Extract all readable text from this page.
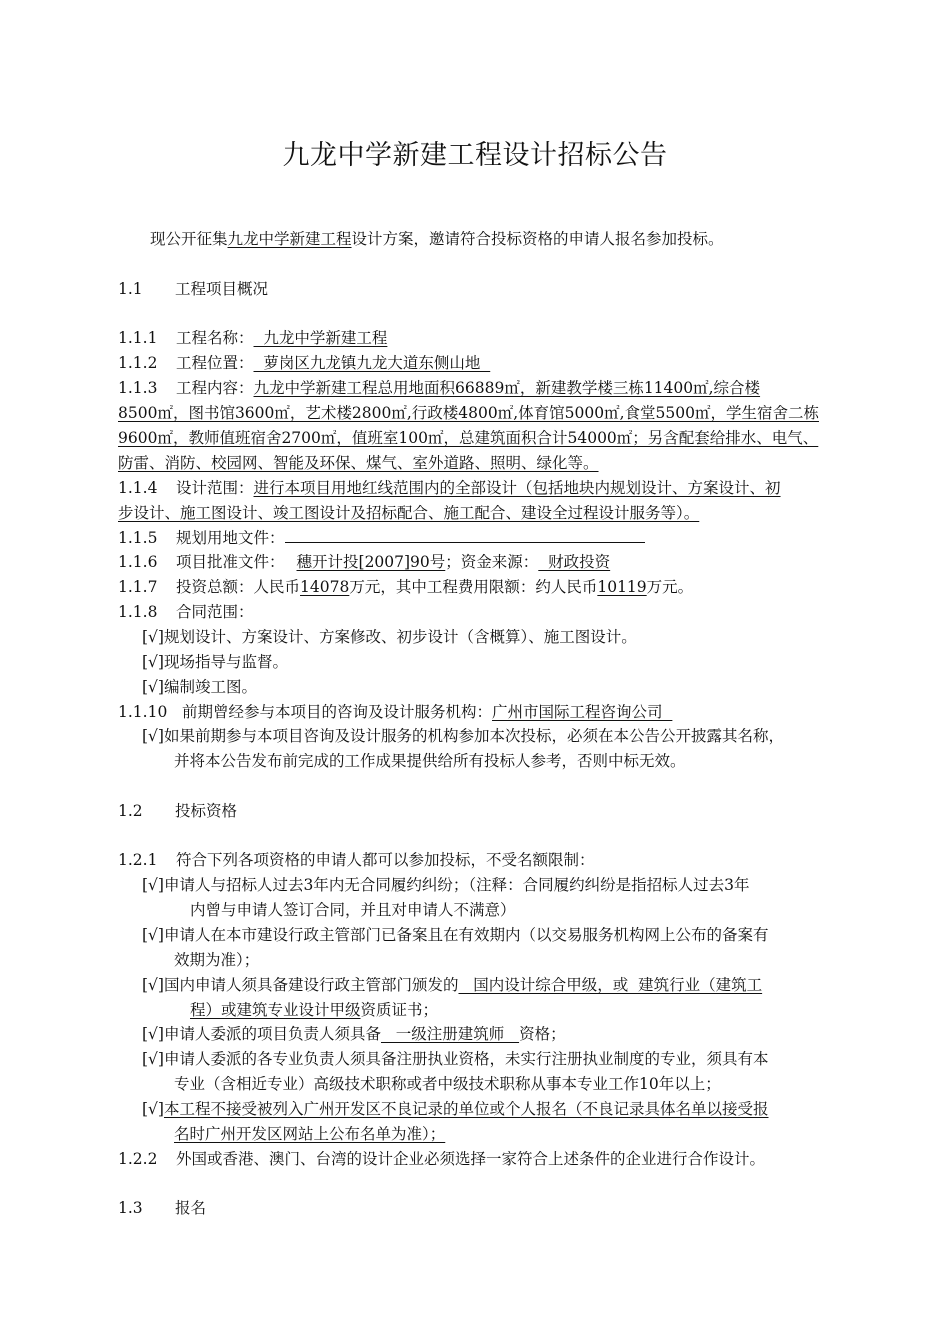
九龙中学新建工程设计招标公告
现公开征集九龙中学新建工程设计方案，邀请符合投标资格的申请人报名参加投标。
1.1 工程项目概况
1.1.1 工程名称：  九龙中学新建工程
1.1.2 工程位置：  萝岗区九龙镇九龙大道东侧山地
1.1.3 工程内容：九龙中学新建工程总用地面积66889㎡，新建教学楼三栋11400㎡,综合楼
8500㎡，图书馆3600㎡，艺术楼2800㎡,行政楼4800㎡,体育馆5000㎡,食堂5500㎡，学生宿舍二栋
9600㎡，教师值班宿舍2700㎡，值班室100㎡，总建筑面积合计54000㎡；另含配套给排水、电气、
防雷、消防、校园网、智能及环保、煤气、室外道路、照明、绿化等。
1.1.4 设计范围：进行本项目用地红线范围内的全部设计（包括地块内规划设计、方案设计、初
步设计、施工图设计、竣工图设计及招标配合、施工配合、建设全过程设计服务等）。
1.1.5 规划用地文件：
1.1.6 项目批准文件： 穗开计投[2007]90号；资金来源：  财政投资
1.1.7 投资总额：人民币14078万元，其中工程费用限额：约人民币10119万元。
1.1.8 合同范围：
[√]规划设计、方案设计、方案修改、初步设计（含概算）、施工图设计。
[√]现场指导与监督。
[√]编制竣工图。
1.1.10 前期曾经参与本项目的咨询及设计服务机构：广州市国际工程咨询公司
[√]如果前期参与本项目咨询及设计服务的机构参加本次投标，必须在本公告公开披露其名称，
并将本公告发布前完成的工作成果提供给所有投标人参考，否则中标无效。
1.2 投标资格
1.2.1 符合下列各项资格的申请人都可以参加投标，不受名额限制：
[√]申请人与招标人过去3年内无合同履约纠纷；（注释：合同履约纠纷是指招标人过去3年
内曾与申请人签订合同，并且对申请人不满意）
[√]申请人在本市建设行政主管部门已备案且在有效期内（以交易服务机构网上公布的备案有
效期为准）；
[√]国内申请人须具备建设行政主管部门颁发的   国内设计综合甲级，或  建筑行业（建筑工
程）或建筑专业设计甲级资质证书；
[√]申请人委派的项目负责人须具备   一级注册建筑师   资格；
[√]申请人委派的各专业负责人须具备注册执业资格，未实行注册执业制度的专业，须具有本
专业（含相近专业）高级技术职称或者中级技术职称从事本专业工作10年以上；
[√]本工程不接受被列入广州开发区不良记录的单位或个人报名（不良记录具体名单以接受报
名时广州开发区网站上公布名单为准）；
1.2.2 外国或香港、澳门、台湾的设计企业必须选择一家符合上述条件的企业进行合作设计。
1.3 报名
